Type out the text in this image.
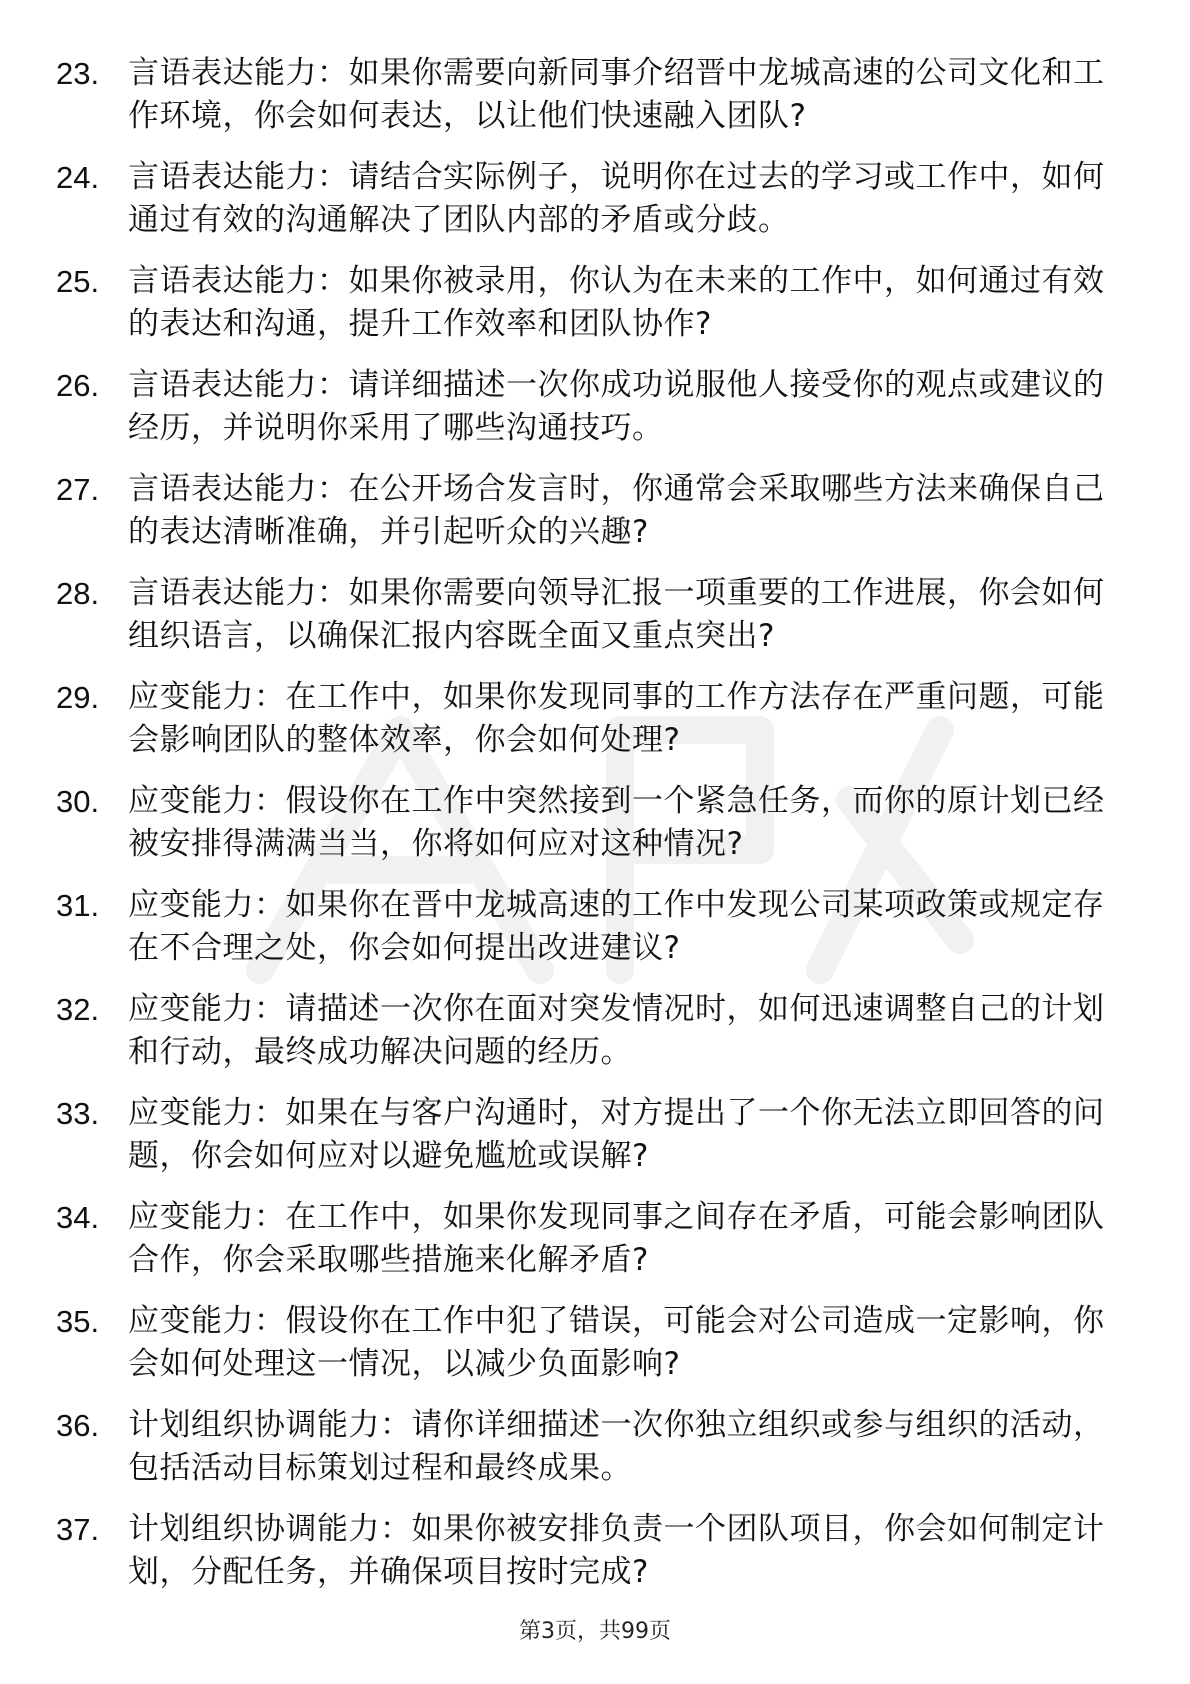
23. 言语表达能力：如果你需要向新同事介绍晋中龙城高速的公司文化和工作环境，你会如何表达，以让他们快速融入团队?
24. 言语表达能力：请结合实际例子，说明你在过去的学习或工作中，如何通过有效的沟通解决了团队内部的矛盾或分歧。
25. 言语表达能力：如果你被录用，你认为在未来的工作中，如何通过有效的表达和沟通，提升工作效率和团队协作?
26. 言语表达能力：请详细描述一次你成功说服他人接受你的观点或建议的经历，并说明你采用了哪些沟通技巧。
27. 言语表达能力：在公开场合发言时，你通常会采取哪些方法来确保自己的表达清晰准确，并引起听众的兴趣?
28. 言语表达能力：如果你需要向领导汇报一项重要的工作进展，你会如何组织语言，以确保汇报内容既全面又重点突出?
29. 应变能力：在工作中，如果你发现同事的工作方法存在严重问题，可能会影响团队的整体效率，你会如何处理?
30. 应变能力：假设你在工作中突然接到一个紧急任务，而你的原计划已经被安排得满满当当，你将如何应对这种情况?
31. 应变能力：如果你在晋中龙城高速的工作中发现公司某项政策或规定存在不合理之处，你会如何提出改进建议?
32. 应变能力：请描述一次你在面对突发情况时，如何迅速调整自己的计划和行动，最终成功解决问题的经历。
33. 应变能力：如果在与客户沟通时，对方提出了一个你无法立即回答的问题，你会如何应对以避免尴尬或误解?
34. 应变能力：在工作中，如果你发现同事之间存在矛盾，可能会影响团队合作，你会采取哪些措施来化解矛盾?
35. 应变能力：假设你在工作中犯了错误，可能会对公司造成一定影响，你会如何处理这一情况，以减少负面影响?
36. 计划组织协调能力：请你详细描述一次你独立组织或参与组织的活动，包括活动目标策划过程和最终成果。
37. 计划组织协调能力：如果你被安排负责一个团队项目，你会如何制定计划，分配任务，并确保项目按时完成?
第3页，共99页
